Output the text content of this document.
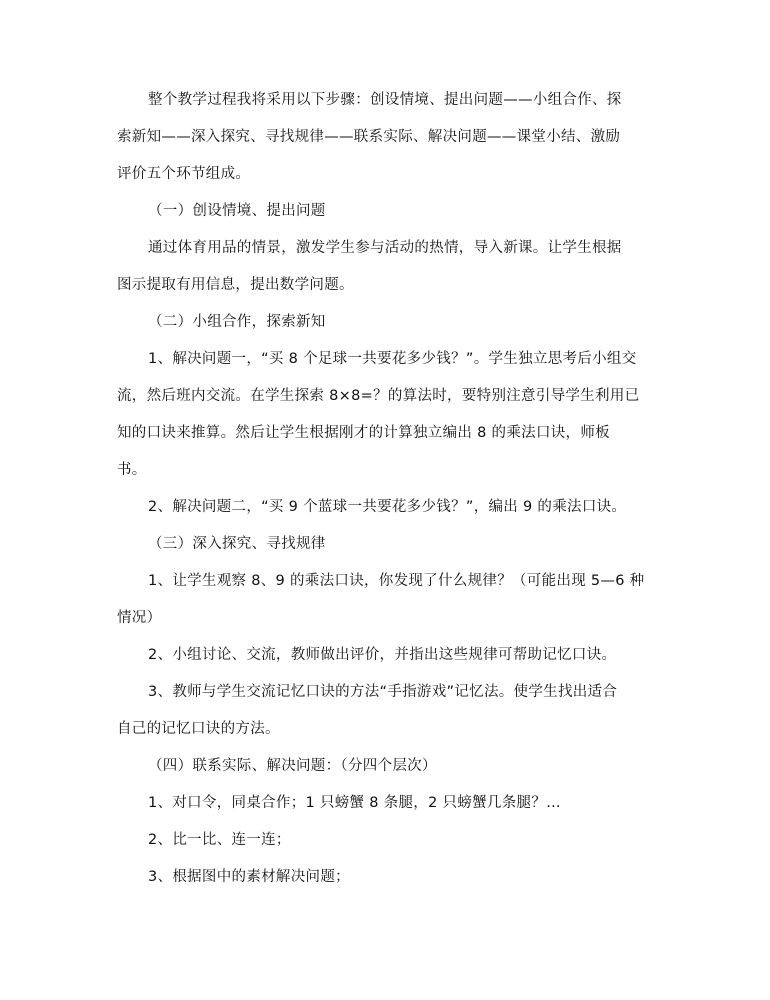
整个教学过程我将采用以下步骤：创设情境、提出问题——小组合作、探
索新知——深入探究、寻找规律——联系实际、解决问题——课堂小结、激励
评价五个环节组成。
（一）创设情境、提出问题
通过体育用品的情景，激发学生参与活动的热情，导入新课。让学生根据
图示提取有用信息，提出数学问题。
（二）小组合作，探索新知
1、解决问题一，“买 8 个足球一共要花多少钱？”。学生独立思考后小组交
流，然后班内交流。在学生探索 8×8=？的算法时，要特别注意引导学生利用已
知的口诀来推算。然后让学生根据刚才的计算独立编出 8 的乘法口诀，师板
书。
2、解决问题二，“买 9 个蓝球一共要花多少钱？”，编出 9 的乘法口诀。
（三）深入探究、寻找规律
1、让学生观察 8、9 的乘法口诀，你发现了什么规律？（可能出现 5—6 种
情况）
2、小组讨论、交流，教师做出评价，并指出这些规律可帮助记忆口诀。
3、教师与学生交流记忆口诀的方法“手指游戏”记忆法。使学生找出适合
自己的记忆口诀的方法。
（四）联系实际、解决问题：（分四个层次）
1、对口令，同桌合作；1 只螃蟹 8 条腿，2 只螃蟹几条腿？…
2、比一比、连一连；
3、根据图中的素材解决问题；
